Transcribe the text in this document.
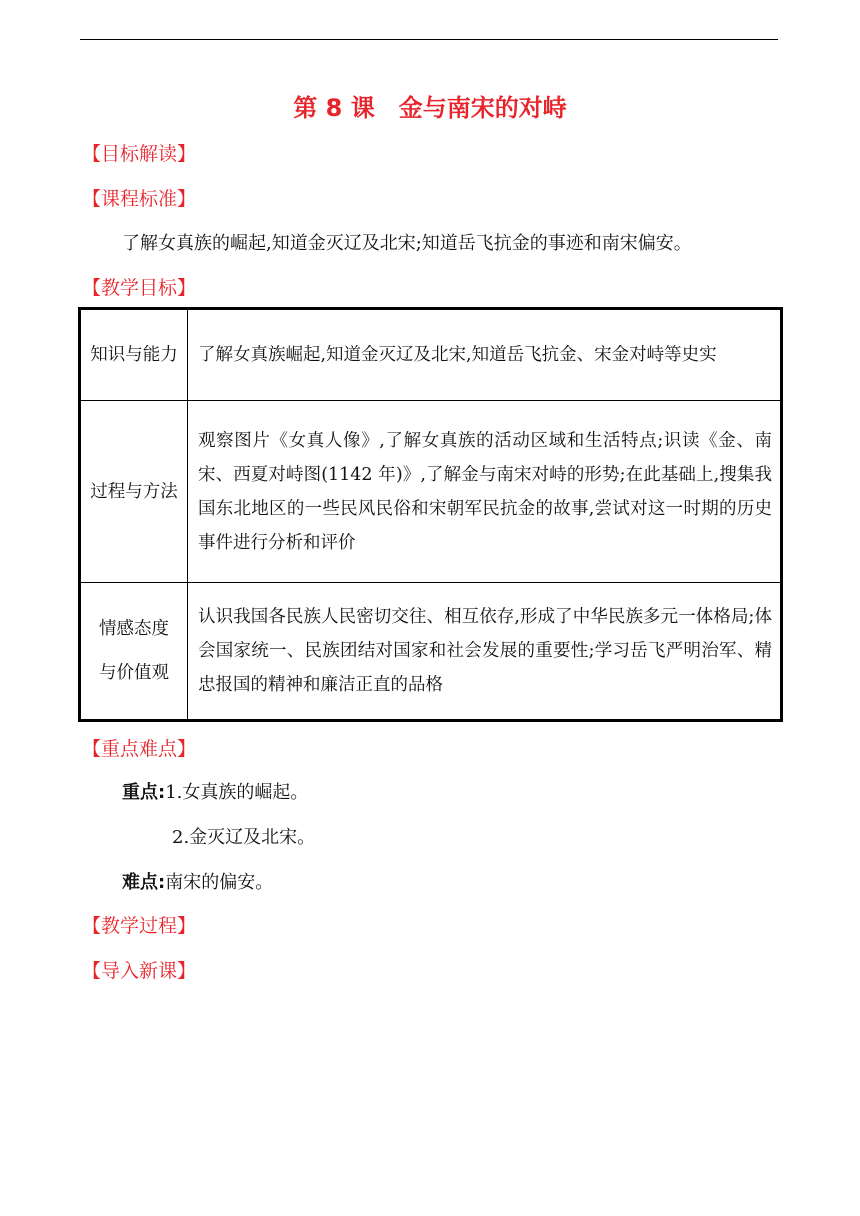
第 8 课　金与南宋的对峙
【目标解读】
【课程标准】
了解女真族的崛起,知道金灭辽及北宋;知道岳飞抗金的事迹和南宋偏安。
【教学目标】
知识与能力	了解女真族崛起,知道金灭辽及北宋,知道岳飞抗金、宋金对峙等史实
过程与方法	观察图片《女真人像》,了解女真族的活动区域和生活特点;识读《金、南宋、西夏对峙图(1142 年)》,了解金与南宋对峙的形势;在此基础上,搜集我国东北地区的一些民风民俗和宋朝军民抗金的故事,尝试对这一时期的历史事件进行分析和评价

情感态度
与价值观	认识我国各民族人民密切交往、相互依存,形成了中华民族多元一体格局;体会国家统一、民族团结对国家和社会发展的重要性;学习岳飞严明治军、精忠报国的精神和廉洁正直的品格
【重点难点】
重点:1.女真族的崛起。
2.金灭辽及北宋。
难点:南宋的偏安。
【教学过程】
【导入新课】
